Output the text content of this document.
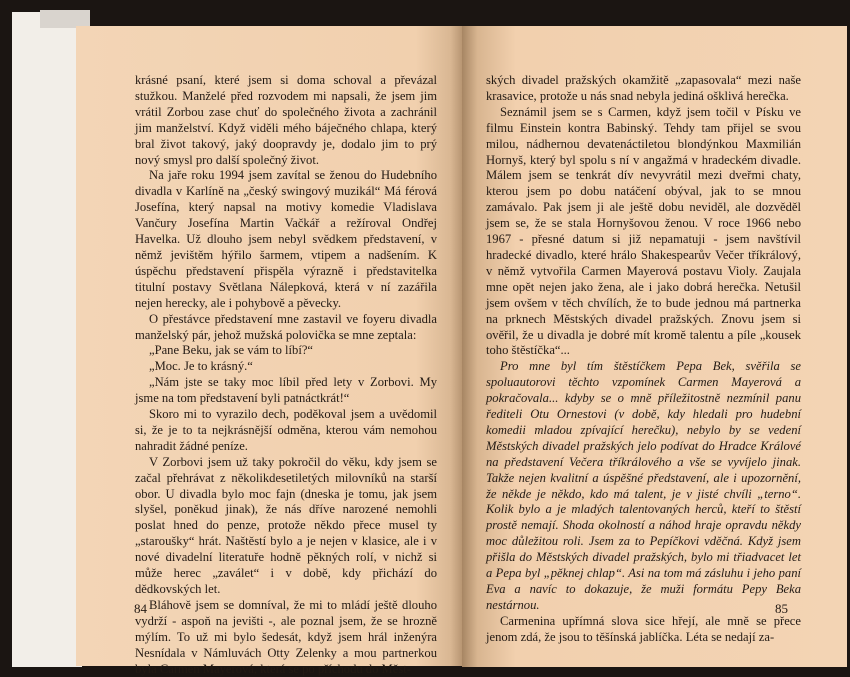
krásné psaní, které jsem si doma schoval a převázal stužkou. Manželé před rozvodem mi napsali, že jsem jim vrátil Zorbou zase chuť do společného života a zachránil jim manželství. Když viděli mého báječného chlapa, který bral život takový, jaký doopravdy je, dodalo jim to prý nový smysl pro další společný život.

Na jaře roku 1994 jsem zavítal se ženou do Hudebního divadla v Karlíně na „český swingový muzikál“ Má férová Josefína, který napsal na motivy komedie Vladislava Vančury Josefína Martin Vačkář a režíroval Ondřej Havelka. Už dlouho jsem nebyl svědkem představení, v němž jevištěm hýřilo šarmem, vtipem a nadšením. K úspěchu představení přispěla výrazně i představitelka titulní postavy Světlana Nálepková, která v ní zazářila nejen herecky, ale i pohybově a pěvecky.

O přestávce představení mne zastavil ve foyeru divadla manželský pár, jehož mužská polovička se mne zeptala:

„Pane Beku, jak se vám to líbí?“

„Moc. Je to krásný.“

„Nám jste se taky moc líbil před lety v Zorbovi. My jsme na tom představení byli patnáctkrát!“

Skoro mi to vyrazilo dech, poděkoval jsem a uvědomil si, že je to ta nejkrásnější odměna, kterou vám nemohou nahradit žádné peníze.

V Zorbovi jsem už taky pokročil do věku, kdy jsem se začal přehrávat z několikdesetiletých milovníků na starší obor. U divadla bylo moc fajn (dneska je tomu, jak jsem slyšel, poněkud jinak), že nás dříve narozené nemohli poslat hned do penze, protože někdo přece musel ty „staroušky“ hrát. Naštěstí bylo a je nejen v klasice, ale i v nové divadelní literatuře hodně pěkných rolí, v nichž si může herec „zaválet“ i v době, kdy přichází do dědkovských let.

Bláhově jsem se domníval, že mi to mládí ještě dlouho vydrží - aspoň na jevišti -, ale poznal jsem, že se hrozně mýlím. To už mi bylo šedesát, když jsem hrál inženýra Nesnídala v Námluvách Otty Zelenky a mou partnerkou byla Carmen Mayerová, která se po příchodu do Měst-

84

ských divadel pražských okamžitě „zapasovala“ mezi naše krasavice, protože u nás snad nebyla jediná ošklivá herečka.

Seznámil jsem se s Carmen, když jsem točil v Písku ve filmu Einstein kontra Babinský. Tehdy tam přijel se svou milou, nádhernou devatenáctiletou blondýnkou Maxmilián Hornyš, který byl spolu s ní v angažmá v hradeckém divadle. Málem jsem se tenkrát dív nevyvrátil mezi dveřmi chaty, kterou jsem po dobu natáčení obýval, jak to se mnou zamávalo. Pak jsem ji ale ještě dobu neviděl, ale dozvěděl jsem se, že se stala Hornyšovou ženou. V roce 1966 nebo 1967 - přesné datum si již nepamatuji - jsem navštívil hradecké divadlo, které hrálo Shakespearův Večer tříkrálový, v němž vytvořila Carmen Mayerová postavu Violy. Zaujala mne opět nejen jako žena, ale i jako dobrá herečka. Netušil jsem ovšem v těch chvílích, že to bude jednou má partnerka na prknech Městských divadel pražských. Znovu jsem si ověřil, že u divadla je dobré mít kromě talentu a píle „kousek toho štěstíčka“...

Pro mne byl tím štěstíčkem Pepa Bek, svěřila se spoluautorovi těchto vzpomínek Carmen Mayerová a pokračovala... kdyby se o mně příležitostně nezmínil panu řediteli Otu Ornestovi (v době, kdy hledali pro hudební komedii mladou zpívající herečku), nebylo by se vedení Městských divadel pražských jelo podívat do Hradce Králové na představení Večera tříkrálového a vše se vyvíjelo jinak. Takže nejen kvalitní a úspěšné představení, ale i upozornění, že někde je někdo, kdo má talent, je v jisté chvíli „terno“. Kolik bylo a je mladých talentovaných herců, kteří to štěstí prostě nemají. Shoda okolností a náhod hraje opravdu někdy moc důležitou roli. Jsem za to Pepíčkovi vděčná. Když jsem přišla do Městských divadel pražských, bylo mi třiadvacet let a Pepa byl „pěknej chlap“. Asi na tom má zásluhu i jeho paní Eva a navíc to dokazuje, že muži formátu Pepy Beka nestárnou.

Carmenina upřímná slova sice hřejí, ale mně se přece jenom zdá, že jsou to těšínská jablíčka. Léta se nedají za-

85
